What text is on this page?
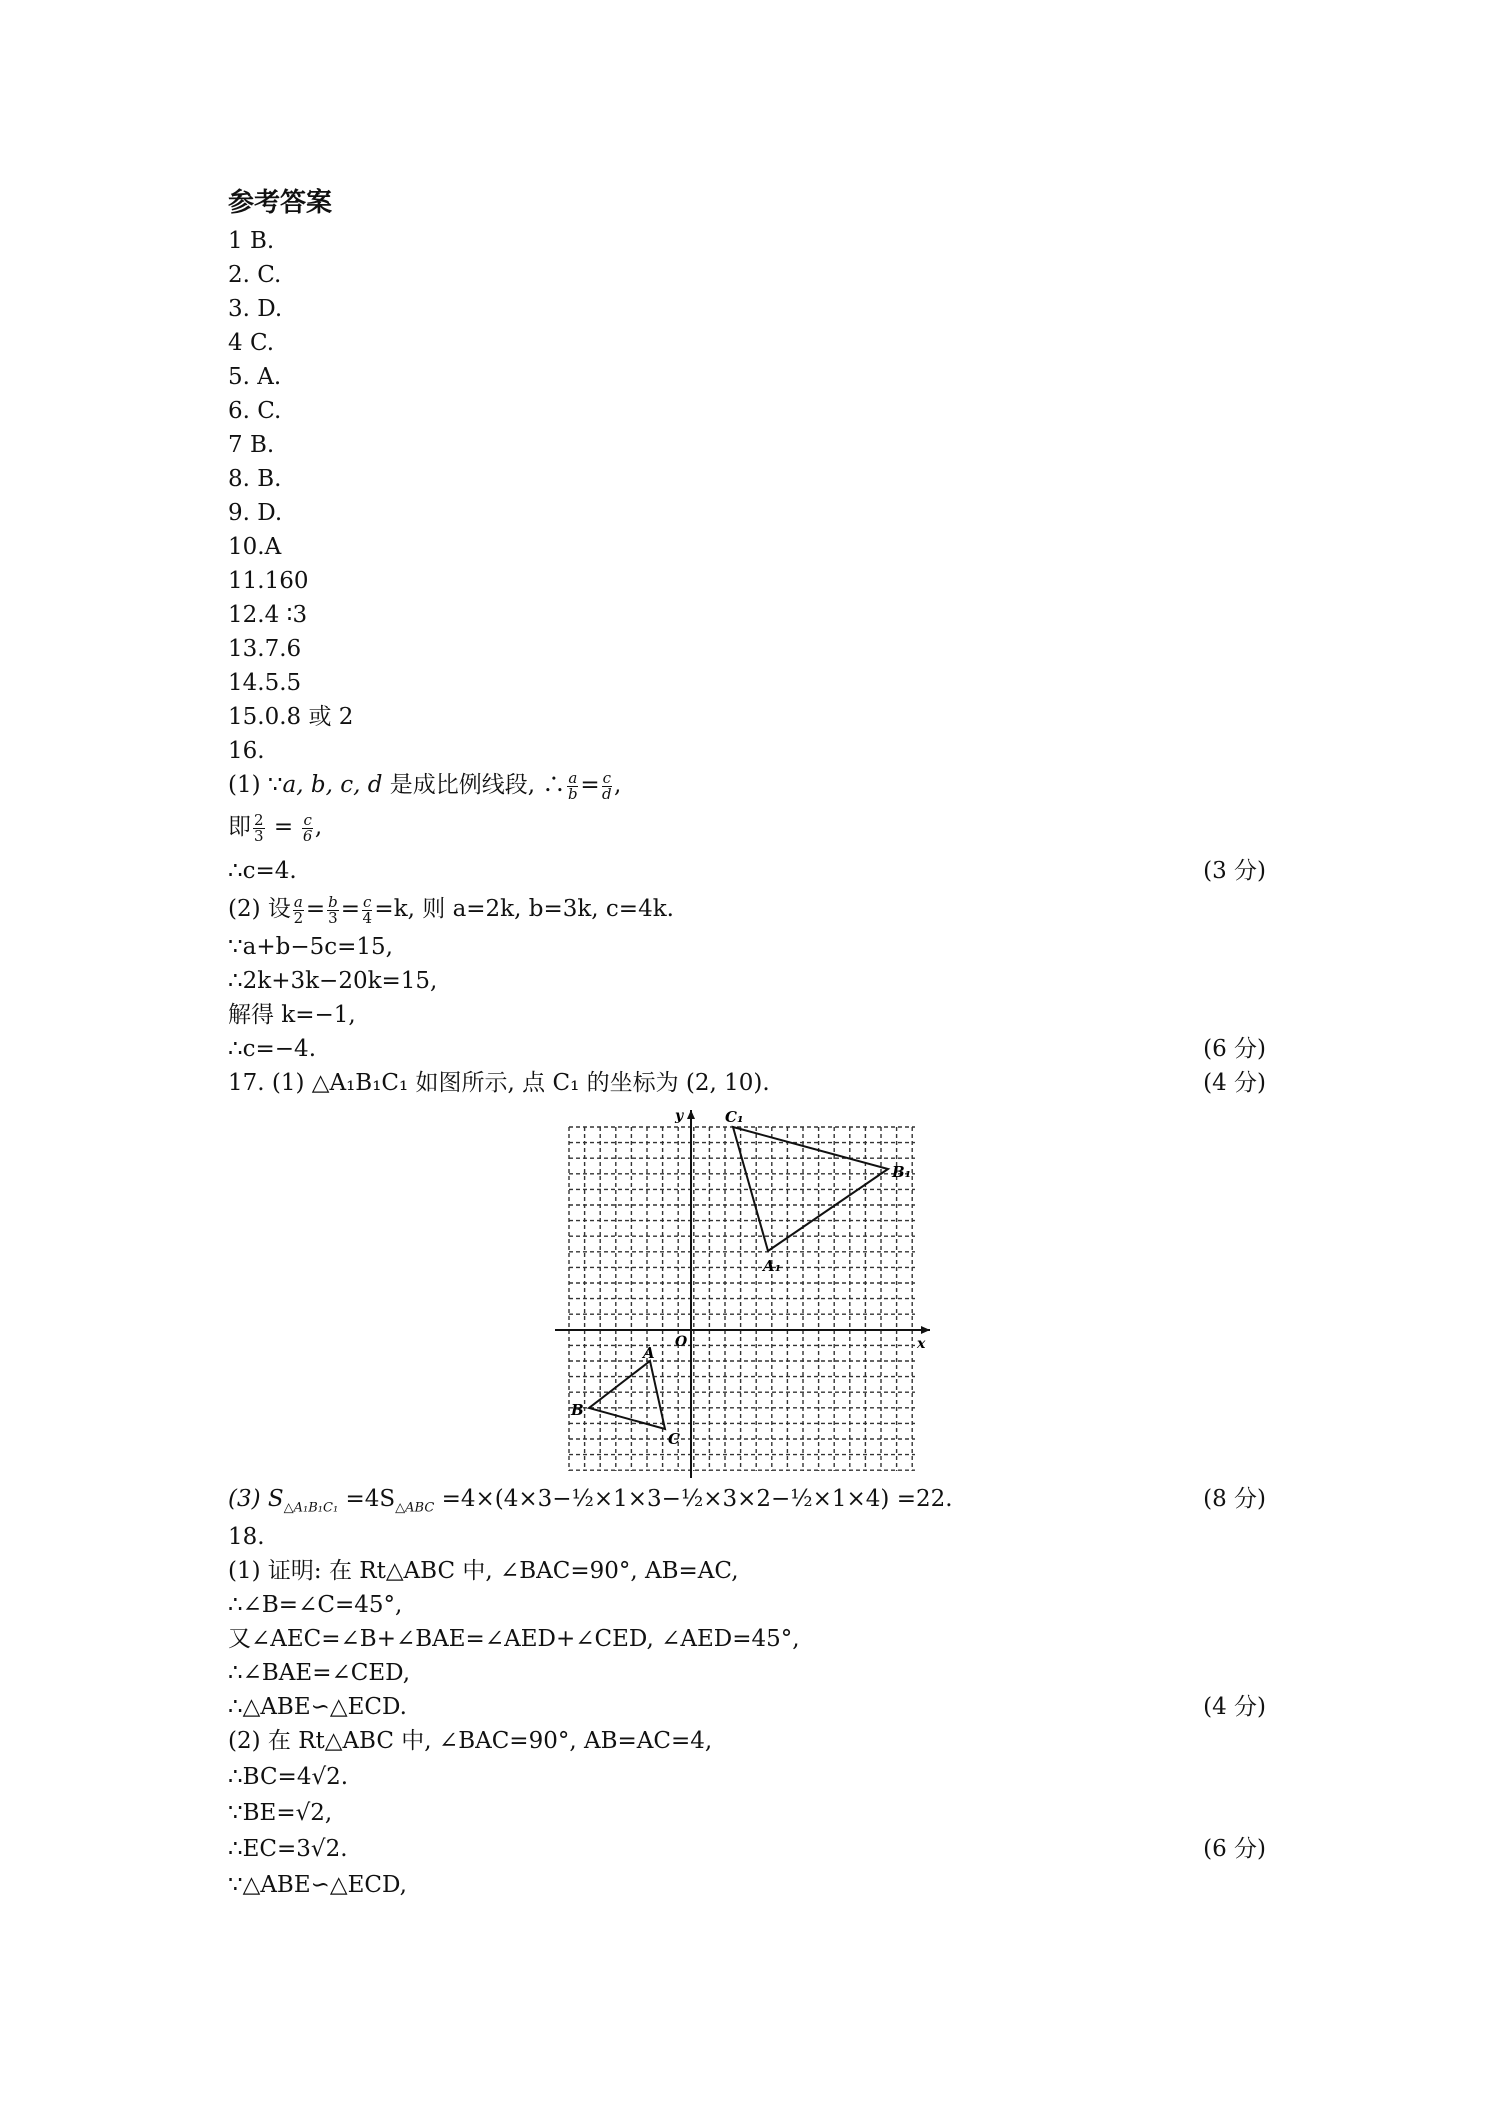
参考答案
1 B.
2. C.
3. D.
4 C.
5. A.
6. C.
7 B.
8. B.
9. D.
10.A
11.160
12.4 ∶3
13.7.6
14.5.5
15.0.8 或 2
16.
(1) ∵a, b, c, d 是成比例线段, ∴ $\frac{a}{b} = \frac{c}{d}$ ,
即 $\frac{2}{3} = \frac{c}{6}$ ,
∴c=4.	(3 分)
(2) 设 $\frac{a}{2} = \frac{b}{3} = \frac{c}{4} =k$, 则 a=2k, b=3k, c=4k.
∵a+b−5c=15,
∴2k+3k−20k=15,
解得 k=−1,
∴c=−4.	(6 分)
17. (1) △A₁B₁C₁ 如图所示, 点 C₁ 的坐标为 (2, 10).	(4 分)
x
y
O
C₁
B₁
A₁
A
B
C
(3) $S_{\triangle A_1B_1C_1} =4S_{\triangle ABC}$ =4×(4×3−½×1×3−½×3×2−½×1×4) =22.	(8 分)
18.
(1) 证明: 在 Rt△ABC 中, ∠BAC=90°, AB=AC,
∴∠B=∠C=45°,
又∠AEC=∠B+∠BAE=∠AED+∠CED, ∠AED=45°,
∴∠BAE=∠CED,
∴△ABE∽△ECD.	(4 分)
(2) 在 Rt△ABC 中, ∠BAC=90°, AB=AC=4,
∴BC=4√2.
∵BE=√2,
∴EC=3√2.	(6 分)
∵△ABE∽△ECD,
